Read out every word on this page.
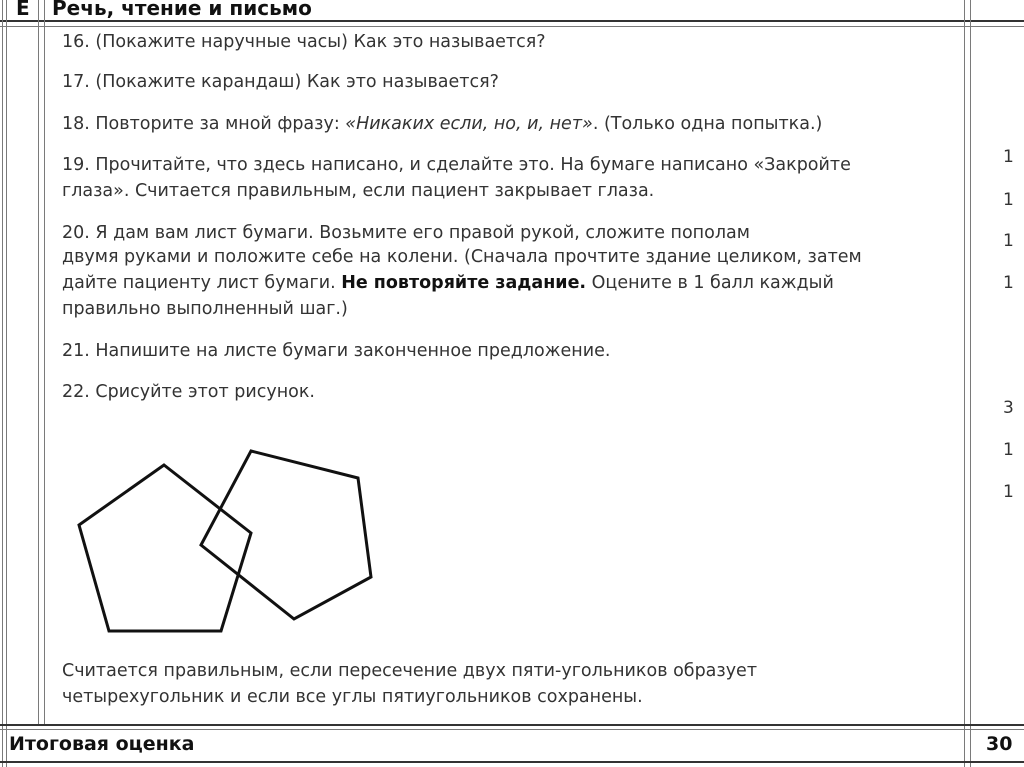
Е Речь, чтение и письмо
16. (Покажите наручные часы) Как это называется?
17. (Покажите карандаш) Как это называется?
18. Повторите за мной фразу: «Никаких если, но, и, нет». (Только одна попытка.)
19. Прочитайте, что здесь написано, и сделайте это. На бумаге написано «Закройте
глаза». Считается правильным, если пациент закрывает глаза.
20. Я дам вам лист бумаги. Возьмите его правой рукой, сложите пополам
двумя руками и положите себе на колени. (Сначала прочтите здание целиком, затем
дайте пациенту лист бумаги. Не повторяйте задание. Оцените в 1 балл каждый
правильно выполненный шаг.)
21. Напишите на листе бумаги законченное предложение.
22. Срисуйте этот рисунок.
Считается правильным, если пересечение двух пяти-угольников образует
четырехугольник и если все углы пятиугольников сохранены.
1
1
1
1
3
1
1
Итоговая оценка	30
